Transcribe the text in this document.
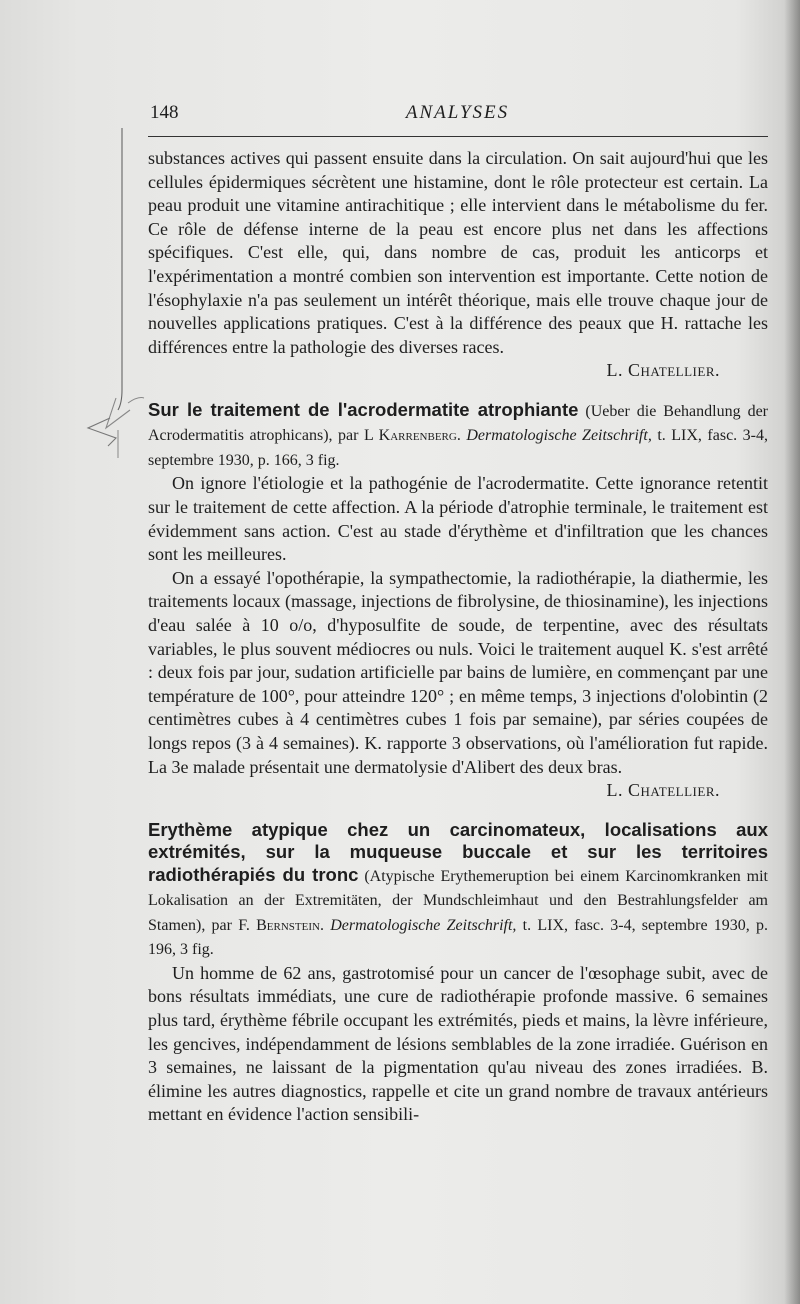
148	ANALYSES

substances actives qui passent ensuite dans la circulation. On sait aujourd'hui que les cellules épidermiques sécrètent une histamine, dont le rôle protecteur est certain. La peau produit une vitamine antirachitique ; elle intervient dans le métabolisme du fer. Ce rôle de défense interne de la peau est encore plus net dans les affections spécifiques. C'est elle, qui, dans nombre de cas, produit les anticorps et l'expérimentation a montré combien son intervention est importante. Cette notion de l'ésophylaxie n'a pas seulement un intérêt théorique, mais elle trouve chaque jour de nouvelles applications pratiques. C'est à la différence des peaux que H. rattache les différences entre la pathologie des diverses races.

L. Chatellier.

Sur le traitement de l'acrodermatite atrophiante (Ueber die Behandlung der Acrodermatitis atrophicans), par L Karrenberg. Dermatologische Zeitschrift, t. LIX, fasc. 3-4, septembre 1930, p. 166, 3 fig.

On ignore l'étiologie et la pathogénie de l'acrodermatite. Cette ignorance retentit sur le traitement de cette affection. A la période d'atrophie terminale, le traitement est évidemment sans action. C'est au stade d'érythème et d'infiltration que les chances sont les meilleures.

On a essayé l'opothérapie, la sympathectomie, la radiothérapie, la diathermie, les traitements locaux (massage, injections de fibrolysine, de thiosinamine), les injections d'eau salée à 10 o/o, d'hyposulfite de soude, de terpentine, avec des résultats variables, le plus souvent médiocres ou nuls. Voici le traitement auquel K. s'est arrêté : deux fois par jour, sudation artificielle par bains de lumière, en commençant par une température de 100°, pour atteindre 120° ; en même temps, 3 injections d'olobintin (2 centimètres cubes à 4 centimètres cubes 1 fois par semaine), par séries coupées de longs repos (3 à 4 semaines). K. rapporte 3 observations, où l'amélioration fut rapide. La 3e malade présentait une dermatolysie d'Alibert des deux bras.

L. Chatellier.

Erythème atypique chez un carcinomateux, localisations aux extrémités, sur la muqueuse buccale et sur les territoires radiothérapiés du tronc (Atypische Erythemeruption bei einem Karcinomkranken mit Lokalisation an der Extremitäten, der Mundschleimhaut und den Bestrahlungsfelder am Stamen), par F. Bernstein. Dermatologische Zeitschrift, t. LIX, fasc. 3-4, septembre 1930, p. 196, 3 fig.

Un homme de 62 ans, gastrotomisé pour un cancer de l'œsophage subit, avec de bons résultats immédiats, une cure de radiothérapie profonde massive. 6 semaines plus tard, érythème fébrile occupant les extrémités, pieds et mains, la lèvre inférieure, les gencives, indépendamment de lésions semblables de la zone irradiée. Guérison en 3 semaines, ne laissant de la pigmentation qu'au niveau des zones irradiées. B. élimine les autres diagnostics, rappelle et cite un grand nombre de travaux antérieurs mettant en évidence l'action sensibili-
